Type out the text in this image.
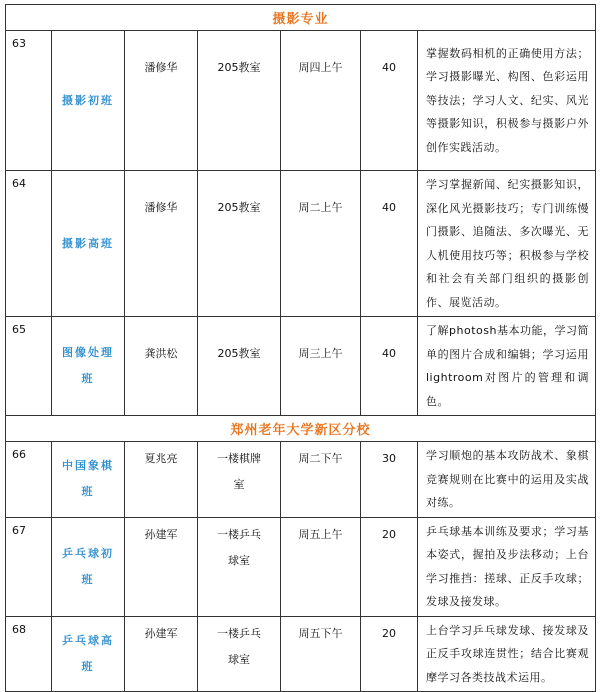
摄影专业						
63	摄影初班	潘修华	205教室	周四上午	40	掌握数码相机的正确使用方法；学习摄影曝光、构图、色彩运用等技法；学习人文、纪实、风光等摄影知识，积极参与摄影户外创作实践活动。
64	摄影高班	潘修华	205教室	周二上午	40	学习掌握新闻、纪实摄影知识，深化风光摄影技巧；专门训练慢门摄影、追随法、多次曝光、无人机使用技巧等；积极参与学校和社会有关部门组织的摄影创作、展览活动。
65	图像处理班	龚洪松	205教室	周三上午	40	了解photosh基本功能，学习简单的图片合成和编辑；学习运用lightroom对图片的管理和调色。
郑州老年大学新区分校						
66	中国象棋班	夏兆亮	一楼棋牌室	周二下午	30	学习顺炮的基本攻防战术、象棋竞赛规则在比赛中的运用及实战对练。
67	乒乓球初班	孙建军	一楼乒乓球室	周五上午	20	乒乓球基本训练及要求；学习基本姿式，握拍及步法移动；上台学习推挡：搓球、正反手攻球；发球及接发球。
68	乒乓球高班	孙建军	一楼乒乓球室	周五下午	20	上台学习乒乓球发球、接发球及正反手攻球连贯性；结合比赛观摩学习各类技战术运用。
